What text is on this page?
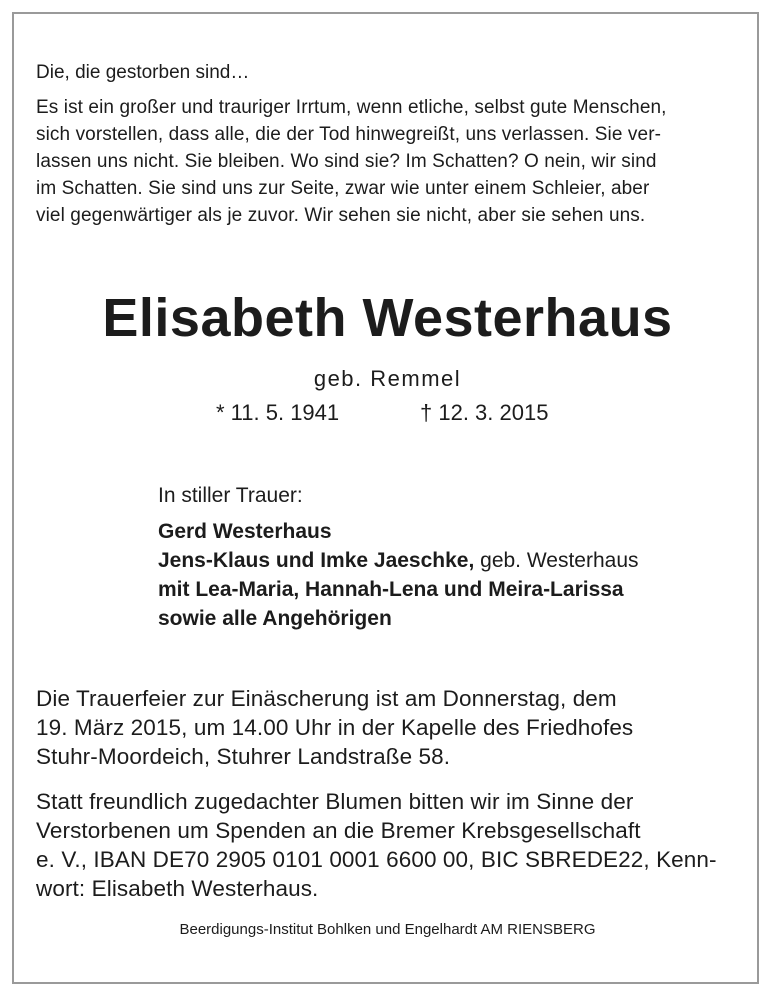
Die, die gestorben sind…
Es ist ein großer und trauriger Irrtum, wenn etliche, selbst gute Menschen,
sich vorstellen, dass alle, die der Tod hinwegreißt, uns verlassen. Sie ver-
lassen uns nicht. Sie bleiben. Wo sind sie? Im Schatten? O nein, wir sind
im Schatten. Sie sind uns zur Seite, zwar wie unter einem Schleier, aber
viel gegenwärtiger als je zuvor. Wir sehen sie nicht, aber sie sehen uns.
Elisabeth Westerhaus
geb. Remmel
* 11. 5. 1941	† 12. 3. 2015
In stiller Trauer:
Gerd Westerhaus
Jens-Klaus und Imke Jaeschke, geb. Westerhaus
mit Lea-Maria, Hannah-Lena und Meira-Larissa
sowie alle Angehörigen
Die Trauerfeier zur Einäscherung ist am Donnerstag, dem
19. März 2015, um 14.00 Uhr in der Kapelle des Friedhofes
Stuhr-Moordeich, Stuhrer Landstraße 58.
Statt freundlich zugedachter Blumen bitten wir im Sinne der
Verstorbenen um Spenden an die Bremer Krebsgesellschaft
e. V., IBAN DE70 2905 0101 0001 6600 00, BIC SBREDE22, Kenn-
wort: Elisabeth Westerhaus.
Beerdigungs-Institut Bohlken und Engelhardt AM RIENSBERG
